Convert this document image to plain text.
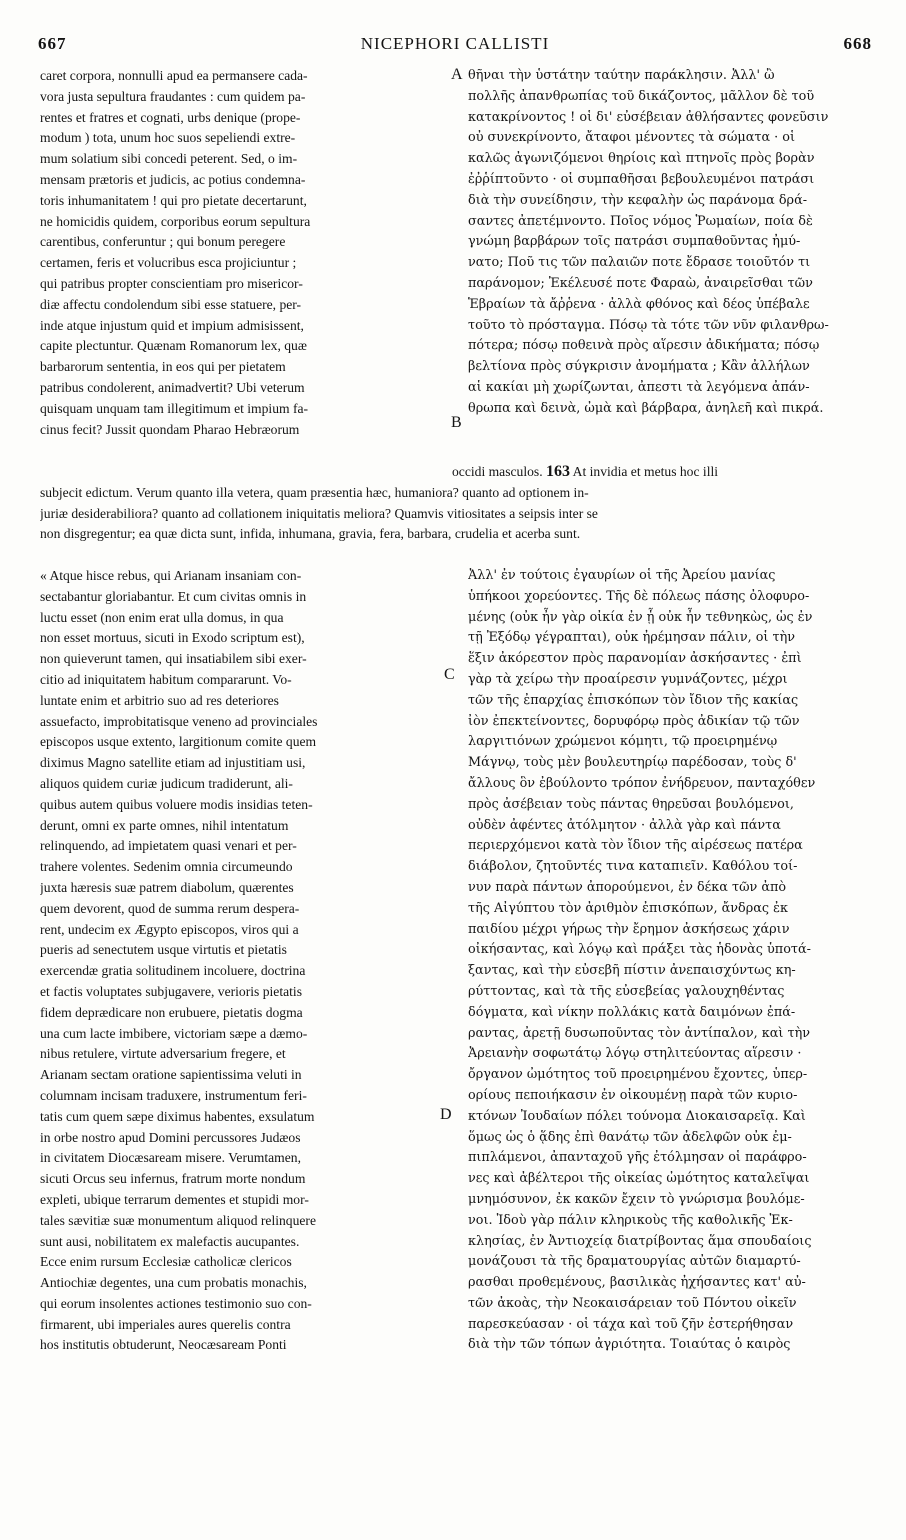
667	NICEPHORI CALLISTI	668
A
B
C
D
caret corpora, nonnulli apud ea permansere cada-
vora justa sepultura fraudantes : cum quidem pa-
rentes et fratres et cognati, urbs denique (prope-
modum ) tota, unum hoc suos sepeliendi extre-
mum solatium sibi concedi peterent. Sed, o im-
mensam prætoris et judicis, ac potius condemna-
toris inhumanitatem ! qui pro pietate decertarunt,
ne homicidis quidem, corporibus eorum sepultura
carentibus, conferuntur ; qui bonum peregere
certamen, feris et volucribus esca projiciuntur ;
qui patribus propter conscientiam pro misericor-
diæ affectu condolendum sibi esse statuere, per-
inde atque injustum quid et impium admisissent,
capite plectuntur. Quænam Romanorum lex, quæ
barbarorum sententia, in eos qui per pietatem
patribus condolerent, animadvertit? Ubi veterum
quisquam unquam tam illegitimum et impium fa-
cinus fecit? Jussit quondam Pharao Hebræorum
θῆναι τὴν ὑστάτην ταύτην παράκλησιν. Ἀλλ' ὢ
πολλῆς ἀπανθρωπίας τοῦ δικάζοντος, μᾶλλον δὲ τοῦ
κατακρίνοντος ! οἱ δι' εὐσέβειαν ἀθλήσαντες φονεῦσιν
οὐ συνεκρίνοντο, ἄταφοι μένοντες τὰ σώματα · οἱ
καλῶς ἀγωνιζόμενοι θηρίοις καὶ πτηνοῖς πρὸς βορὰν
ἐῤῥίπτοῦντο · οἱ συμπαθῆσαι βεβουλευμένοι πατράσι
διὰ τὴν συνείδησιν, τὴν κεφαλὴν ὡς παράνομα δρά-
σαντες ἀπετέμνοντο. Ποῖος νόμος Ῥωμαίων, ποία δὲ
γνώμη βαρβάρων τοῖς πατράσι συμπαθοῦντας ἠμύ-
νατο; Ποῦ τις τῶν παλαιῶν ποτε ἔδρασε τοιοῦτόν τι
παράνομον; Ἐκέλευσέ ποτε Φαραὼ, ἀναιρεῖσθαι τῶν
Ἑβραίων τὰ ἄῤῥενα · ἀλλὰ φθόνος καὶ δέος ὑπέβαλε
τοῦτο τὸ πρόσταγμα. Πόσῳ τὰ τότε τῶν νῦν φιλανθρω-
πότερα; πόσῳ ποθεινὰ πρὸς αἵρεσιν ἀδικήματα; πόσῳ
βελτίονα πρὸς σύγκρισιν ἀνομήματα ; Κἂν ἀλλήλων
αἱ κακίαι μὴ χωρίζωνται, ἀπεστι τὰ λεγόμενα ἀπάν-
θρωπα καὶ δεινὰ, ὠμὰ καὶ βάρβαρα, ἀνηλεῆ καὶ πικρά.
occidi masculos. 163 At invidia et metus hoc illi
subjecit edictum. Verum quanto illa vetera, quam præsentia hæc, humaniora? quanto ad optionem in-
juriæ desiderabiliora? quanto ad collationem iniquitatis meliora? Quamvis vitiositates a seipsis inter se
non disgregentur; ea quæ dicta sunt, infida, inhumana, gravia, fera, barbara, crudelia et acerba sunt.
« Atque hisce rebus, qui Arianam insaniam con-
sectabantur gloriabantur. Et cum civitas omnis in
luctu esset (non enim erat ulla domus, in qua
non esset mortuus, sicuti in Exodo scriptum est),
non quieverunt tamen, qui insatiabilem sibi exer-
citio ad iniquitatem habitum compararunt. Vo-
luntate enim et arbitrio suo ad res deteriores
assuefacto, improbitatisque veneno ad provinciales
episcopos usque extento, largitionum comite quem
diximus Magno satellite etiam ad injustitiam usi,
aliquos quidem curiæ judicum tradiderunt, ali-
quibus autem quibus voluere modis insidias teten-
derunt, omni ex parte omnes, nihil intentatum
relinquendo, ad impietatem quasi venari et per-
trahere volentes. Sedenim omnia circumeundo
juxta hæresis suæ patrem diabolum, quærentes
quem devorent, quod de summa rerum despera-
rent, undecim ex Ægypto episcopos, viros qui a
pueris ad senectutem usque virtutis et pietatis
exercendæ gratia solitudinem incoluere, doctrina
et factis voluptates subjugavere, verioris pietatis
fidem deprædicare non erubuere, pietatis dogma
una cum lacte imbibere, victoriam sæpe a dæmo-
nibus retulere, virtute adversarium fregere, et
Arianam sectam oratione sapientissima veluti in
columnam incisam traduxere, instrumentum feri-
tatis cum quem sæpe diximus habentes, exsulatum
in orbe nostro apud Domini percussores Judæos
in civitatem Diocæsaream misere. Verumtamen,
sicuti Orcus seu infernus, fratrum morte nondum
expleti, ubique terrarum dementes et stupidi mor-
tales sævitiæ suæ monumentum aliquod relinquere
sunt ausi, nobilitatem ex malefactis aucupantes.
Ecce enim rursum Ecclesiæ catholicæ clericos
Antiochiæ degentes, una cum probatis monachis,
qui eorum insolentes actiones testimonio suo con-
firmarent, ubi imperiales aures querelis contra
hos institutis obtuderunt, Neocæsaream Ponti
Ἀλλ' ἐν τούτοις ἐγαυρίων οἱ τῆς Ἀρείου μανίας
ὑπήκοοι χορεύοντες. Τῆς δὲ πόλεως πάσης ὀλοφυρο-
μένης (οὐκ ἦν γὰρ οἰκία ἐν ᾗ οὐκ ἦν τεθνηκὼς, ὡς ἐν
τῇ Ἐξόδῳ γέγραπται), οὐκ ἠρέμησαν πάλιν, οἱ τὴν
ἕξιν ἀκόρεστον πρὸς παρανομίαν ἀσκήσαντες · ἐπὶ
γὰρ τὰ χείρω τὴν προαίρεσιν γυμνάζοντες, μέχρι
τῶν τῆς ἐπαρχίας ἐπισκόπων τὸν ἴδιον τῆς κακίας
ἰὸν ἐπεκτείνοντες, δορυφόρῳ πρὸς ἀδικίαν τῷ τῶν
λαργιτιόνων χρώμενοι κόμητι, τῷ προειρημένῳ
Μάγνῳ, τοὺς μὲν βουλευτηρίῳ παρέδοσαν, τοὺς δ'
ἄλλους ὃν ἐβούλοντο τρόπον ἐνήδρευον, πανταχόθεν
πρὸς ἀσέβειαν τοὺς πάντας θηρεῦσαι βουλόμενοι,
οὐδὲν ἀφέντες ἀτόλμητον · ἀλλὰ γὰρ καὶ πάντα
περιερχόμενοι κατὰ τὸν ἴδιον τῆς αἱρέσεως πατέρα
διάβολον, ζητοῦντές τινα καταπιεῖν. Καθόλου τοί-
νυν παρὰ πάντων ἀπορούμενοι, ἐν δέκα τῶν ἀπὸ
τῆς Αἰγύπτου τὸν ἀριθμὸν ἐπισκόπων, ἄνδρας ἐκ
παιδίου μέχρι γήρως τὴν ἔρημον ἀσκήσεως χάριν
οἰκήσαντας, καὶ λόγῳ καὶ πράξει τὰς ἡδονὰς ὑποτά-
ξαντας, καὶ τὴν εὐσεβῆ πίστιν ἀνεπαισχύντως κη-
ρύττοντας, καὶ τὰ τῆς εὐσεβείας γαλουχηθέντας
δόγματα, καὶ νίκην πολλάκις κατὰ δαιμόνων ἐπά-
ραντας, ἀρετῇ δυσωποῦντας τὸν ἀντίπαλον, καὶ τὴν
Ἀρειανὴν σοφωτάτῳ λόγῳ στηλιτεύοντας αἵρεσιν ·
ὄργανον ὠμότητος τοῦ προειρημένου ἔχοντες, ὑπερ-
ορίους πεποιήκασιν ἐν οἰκουμένῃ παρὰ τῶν κυριο-
κτόνων Ἰουδαίων πόλει τούνομα Διοκαισαρεῖᾳ. Καὶ
ὅμως ὡς ὁ ᾅδης ἐπὶ θανάτῳ τῶν ἀδελφῶν οὐκ ἐμ-
πιπλάμενοι, ἀπανταχοῦ γῆς ἐτόλμησαν οἱ παράφρο-
νες καὶ ἀβέλτεροι τῆς οἰκείας ὠμότητος καταλεῖψαι
μνημόσυνον, ἐκ κακῶν ἔχειν τὸ γνώρισμα βουλόμε-
νοι. Ἰδοὺ γὰρ πάλιν κληρικοὺς τῆς καθολικῆς Ἐκ-
κλησίας, ἐν Ἀντιοχείᾳ διατρίβοντας ἅμα σπουδαίοις
μονάζουσι τὰ τῆς δραματουργίας αὐτῶν διαμαρτύ-
ρασθαι προθεμένους, βασιλικὰς ἠχήσαντες κατ' αὐ-
τῶν ἀκοὰς, τὴν Νεοκαισάρειαν τοῦ Πόντου οἰκεῖν
παρεσκεύασαν · οἱ τάχα καὶ τοῦ ζῆν ἐστερήθησαν
διὰ τὴν τῶν τόπων ἀγριότητα. Τοιαύτας ὁ καιρὸς
